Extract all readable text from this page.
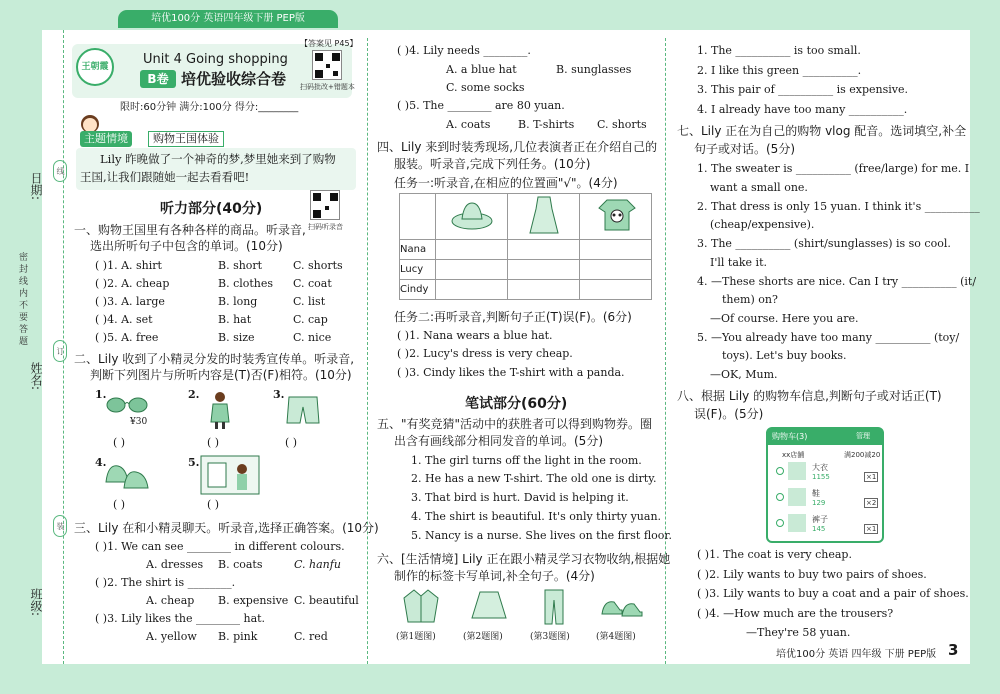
培优100分 英语四年级下册 PEP版
日期:
姓名:
班级:
密封线内不要答题
线
订
装
王朝霞	Unit 4 Going shopping
B卷 培优验收综合卷
【答案见 P45】
扫码批改+错题本
限时:60分钟 满分:100分 得分:________
主题情境	购物王国体验
Lily 昨晚做了一个神奇的梦,梦里她来到了购物
王国,让我们跟随她一起去看看吧!
听力部分(40分)
扫码听录音
一、购物王国里有各种各样的商品。听录音,
选出所听句子中包含的单词。(10分)
( )1. A. shirt	B. short	C. shorts
( )2. A. cheap	B. clothes C. coat
( )3. A. large	B. long	C. list
( )4. A. set	B. hat	C. cap
( )5. A. free	B. size	C. nice
二、Lily 收到了小精灵分发的时装秀宣传单。听录音,
判断下列图片与所听内容是(T)否(F)相符。(10分)
1.	2.	3.
4.	5.
¥30
( )	( )	( )
( )	( )
三、Lily 在和小精灵聊天。听录音,选择正确答案。(10分)
( )1. We can see ________ in different colours.
A. dresses B. coats	C. hanfu
( )2. The shirt is ________.
A. cheap B. expensive C. beautiful
( )3. Lily likes the ________ hat.
A. yellow B. pink	C. red
( )4. Lily needs ________.
A. a blue hat	B. sunglasses
C. some socks
( )5. The ________ are 80 yuan.
A. coats	B. T-shirts C. shorts
四、Lily 来到时装秀现场,几位表演者正在介绍自己的
服装。听录音,完成下列任务。(10分)
任务一:听录音,在相应的位置画"√"。(4分)

Nana			
Lucy			
Cindy			
任务二:再听录音,判断句子正(T)误(F)。(6分)
( )1. Nana wears a blue hat.
( )2. Lucy's dress is very cheap.
( )3. Cindy likes the T-shirt with a panda.
笔试部分(60分)
五、"有奖竞猜"活动中的获胜者可以得到购物券。圈
出含有画线部分相同发音的单词。(5分)
1. The girl turns off the light in the room.
2. He has a new T-shirt. The old one is dirty.
3. That bird is hurt. David is helping it.
4. The shirt is beautiful. It's only thirty yuan.
5. Nancy is a nurse. She lives on the first floor.
六、[生活情境] Lily 正在跟小精灵学习衣物收纳,根据她
制作的标签卡写单词,补全句子。(4分)
(第1题图)	(第2题图)	(第3题图)	(第4题图)
1. The __________ is too small.
2. I like this green __________.
3. This pair of __________ is expensive.
4. I already have too many __________.
七、Lily 正在为自己的购物 vlog 配音。选词填空,补全
句子或对话。(5分)
1. The sweater is __________ (free/large) for me. I
want a small one.
2. That dress is only 15 yuan. I think it's __________
(cheap/expensive).
3. The __________ (shirt/sunglasses) is so cool.
I'll take it.
4. —These shorts are nice. Can I try __________ (it/
them) on?
—Of course. Here you are.
5. —You already have too many __________ (toy/
toys). Let's buy books.
—OK, Mum.
八、根据 Lily 的购物车信息,判断句子或对话正(T)
误(F)。(5分)
购物车(3)	管理
xx店舗	满200减20
大衣
1155	×1
鞋
129	×2
裤子
145	×1
( )1. The coat is very cheap.
( )2. Lily wants to buy two pairs of shoes.
( )3. Lily wants to buy a coat and a pair of shoes.
( )4. —How much are the trousers?
—They're 58 yuan.
培优100分 英语 四年级 下册 PEP版 3
